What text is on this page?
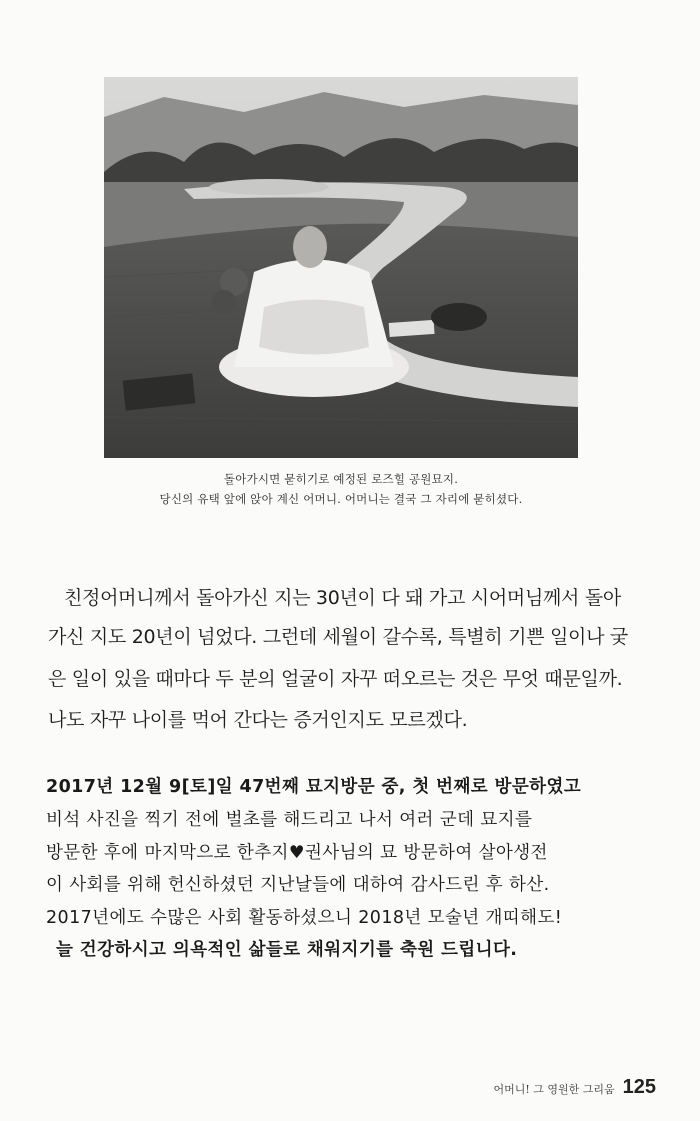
돌아가시면 묻히기로 예정된 로즈힐 공원묘지.
당신의 유택 앞에 앉아 계신 어머니. 어머니는 결국 그 자리에 묻히셨다.
친정어머니께서 돌아가신 지는 30년이 다 돼 가고 시어머님께서 돌아
가신 지도 20년이 넘었다. 그런데 세월이 갈수록, 특별히 기쁜 일이나 궂
은 일이 있을 때마다 두 분의 얼굴이 자꾸 떠오르는 것은 무엇 때문일까.
나도 자꾸 나이를 먹어 간다는 증거인지도 모르겠다.
2017년 12월 9[토]일 47번째 묘지방문 중, 첫 번째로 방문하였고
비석 사진을 찍기 전에 벌초를 해드리고 나서 여러 군데 묘지를
방문한 후에 마지막으로 한추지♥권사님의 묘 방문하여 살아생전
이 사회를 위해 헌신하셨던 지난날들에 대하여 감사드린 후 하산.
2017년에도 수많은 사회 활동하셨으니 2018년 모술년 개띠해도!
늘 건강하시고 의욕적인 삶들로 채워지기를 축원 드립니다.
어머니! 그 영원한 그리움 125
